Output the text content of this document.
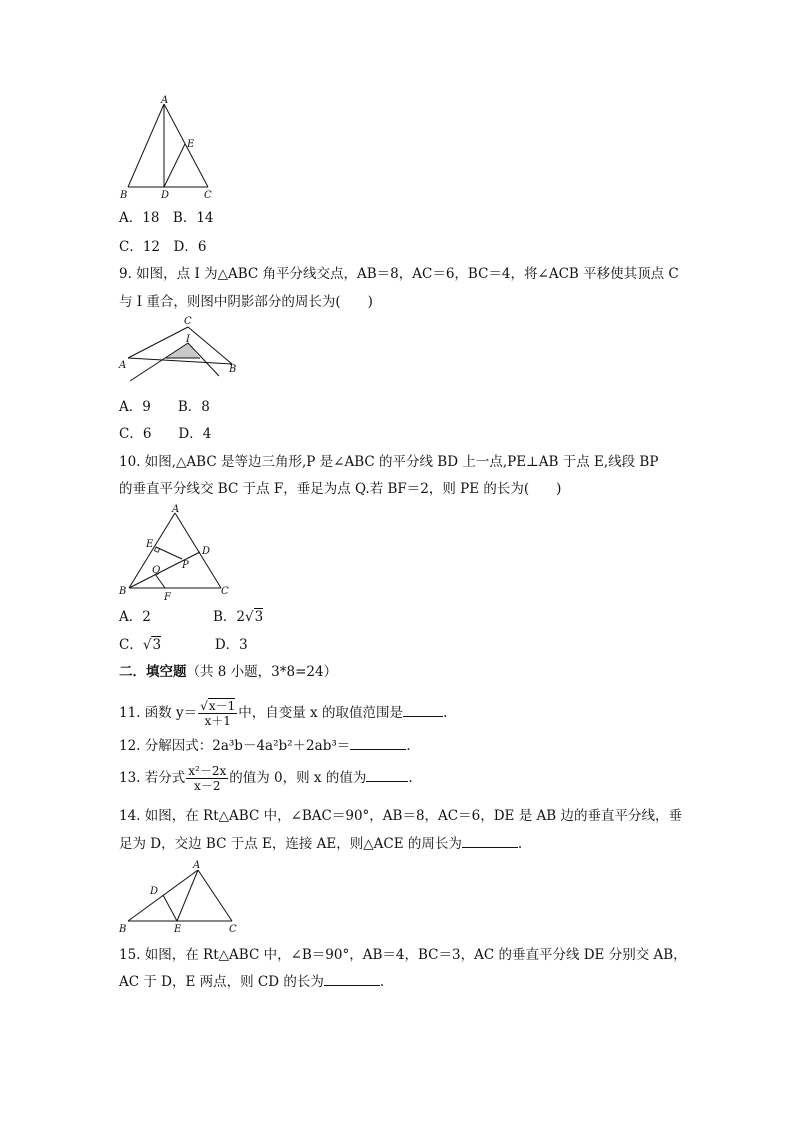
A
B	D	C
E
A．18　B．14
C．12　D．6
9. 如图，点 I 为△ABC 角平分线交点，AB＝8，AC＝6，BC＝4，将∠ACB 平移使其顶点 C
与 I 重合，则图中阴影部分的周长为(　　)
C
I
A	B
A．9　　B．8
C．6　　D．4
10. 如图,△ABC 是等边三角形,P 是∠ABC 的平分线 BD 上一点,PE⊥AB 于点 E,线段 BP
的垂直平分线交 BC 于点 F，垂足为点 Q.若 BF＝2，则 PE 的长为(　　)
A
E
D
P
Q
B	C
F
A．2	B．2√3
C．√3	D．3
二．填空题（共 8 小题，3*8=24）
11. 函数 $y= \frac{√x-1}{x+1}$ 中，自变量 x 的取值范围是	.
12. 分解因式：2a³b－4a²b²＋2ab³＝	.
13. 若分式 $\frac{\text{x²－2x}}{x-2}$ 的值为 0，则 x 的值为	.
14. 如图，在 Rt△ABC 中，∠BAC＝90°，AB＝8，AC＝6，DE 是 AB 边的垂直平分线，垂
足为 D，交边 BC 于点 E，连接 AE，则△ACE 的周长为	.
A
D
B	E	C
15. 如图，在 Rt△ABC 中，∠B＝90°，AB＝4，BC＝3，AC 的垂直平分线 DE 分别交 AB，
AC 于 D，E 两点，则 CD 的长为	.
